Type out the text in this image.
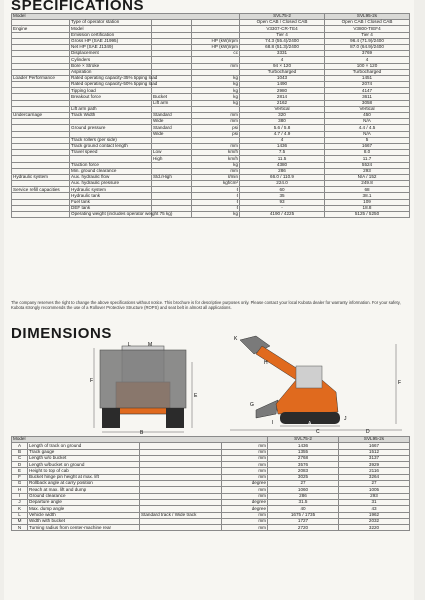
SPECIFICATIONS
Model				SVL75-2	SVL95-2s
	Type of operator station			Open CAB / Closed CAB	Open CAB / Closed CAB
Engine	Model			V3307-CR-TE4	V3800-TIEF4
	Emission certification			Tier 4	Tier 4
	Gross HP (SAE J1995)		HP (kW)/rpm	74.3 (55.4)/2400	96.4 (71.9)/2400
	Net HP (SAE J1349)		HP (kW)/rpm	68.8 (51.3)/2400	87.0 (64.9)/2400
	Displacement		cc	3331	3769
	Cylinders			4	4
	Bore × Stroke		mm	94 × 120	100 × 120
	Aspiration			Turbocharged	Turbocharged
Loader Performance	Rated operating capacity-35% tipping load		kg	1043	1451
	Rated operating capacity-50% tipping load		kg	1490	2074
	Tipping load		kg	2980	4147
	Breakout force	Bucket	kg	2814	3611
		Lift arm	kg	2162	3058
	Lift arm path			Vertical	Vertical
Undercarriage	Track Width	Standard	mm	320	450
		Wide	mm	380	N/A
	Ground pressure	Standard	psi	5.6 / 5.8	4.4 / 4.5
		Wide	psi	4.7 / 4.9	N/A
	Track rollers (per side)			4	5
	Track ground contact length		mm	1436	1667
	Travel speed	Low	km/h	7.5	8.0
		High	km/h	11.5	11.7
	Traction force		kg	4380	5524
	Min. ground clearance		mm	286	293
Hydraulic system	Aux. hydraulic flow	Std./High	ℓ/min	66.0 / 110.9	N/A / 152
	Aux. hydraulic pressure		kgf/cm²	224.0	249.8
Service refill capacities	Hydraulic system		ℓ	60	68
	Hydraulic tank		ℓ	35	38.1
	Fuel tank		ℓ	93	109
	DEF tank		ℓ	-	18.8
	Operating weight (includes operator weight 75 kg)		kg	4190 / 4225	5125 / 5250
The company reserves the right to change the above specifications without notice. This brochure is for descriptive purposes only. Please contact your local Kubota dealer for warranty information. For your safety, Kubota strongly recommends the use of a Rollover Protective Structure (ROPS) and seat belt in almost all applications.
DIMENSIONS
F
E
B
L	M
K
H
G
F
A
C	D
J
I
Model				SVL75-2	SVL95-2s
A	Length of track on ground		mm	1436	1667
B	Track gauge		mm	1355	1512
C	Length w/o bucket		mm	2768	3137
D	Length w/bucket on ground		mm	3576	3929
E	Height to top of cab		mm	2083	2116
F	Bucket hinge pin height at max. lift		mm	3025	3264
G	Rollback angle at carry position		degree	27	27
H	Reach at max. lift and dump		mm	1060	1005
I	Ground clearance		mm	286	293
J	Departure angle		degree	31.5	31
K	Max. dump angle		degree	40	43
L	Vehicle width	Standard track / Wide track	mm	1675 / 1735	1962
M	Width with bucket		mm	1727	2032
N	Turning radius from center-machine rear		mm	2720	3220
